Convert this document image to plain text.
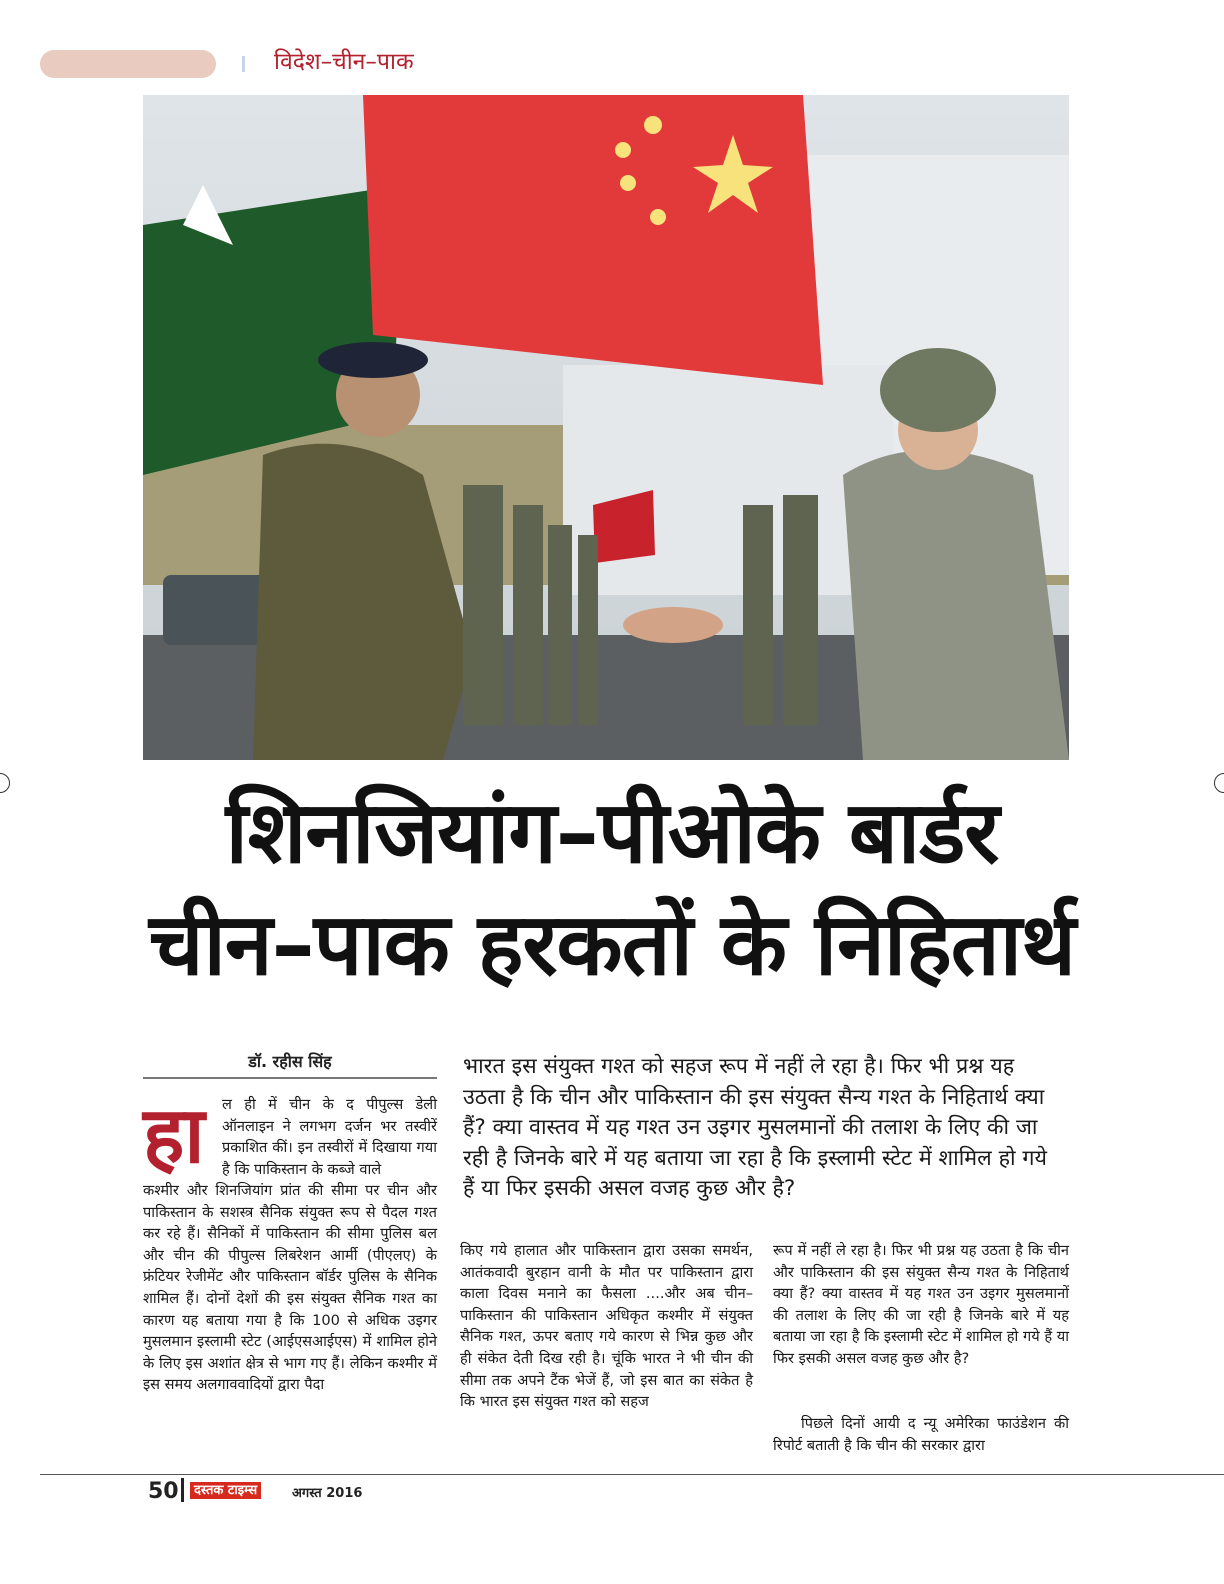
विदेश–चीन–पाक
शिनजियांग–पीओके बार्डर
चीन–पाक हरकतों के निहितार्थ
डॉ. रहीस सिंह
हा ल ही में चीन के द पीपुल्स डेली ऑनलाइन ने लगभग दर्जन भर तस्वीरें प्रकाशित कीं। इन तस्वीरों में दिखाया गया है कि पाकिस्तान के कब्जे वाले
कश्मीर और शिनजियांग प्रांत की सीमा पर चीन और पाकिस्तान के सशस्त्र सैनिक संयुक्त रूप से पैदल गश्त कर रहे हैं। सैनिकों में पाकिस्तान की सीमा पुलिस बल और चीन की पीपुल्स लिबरेशन आर्मी (पीएलए) के फ्रंटियर रेजीमेंट और पाकिस्तान बॉर्डर पुलिस के सैनिक शामिल हैं। दोनों देशों की इस संयुक्त सैनिक गश्त का कारण यह बताया गया है कि 100 से अधिक उइगर मुसलमान इस्लामी स्टेट (आईएसआईएस) में शामिल होने के लिए इस अशांत क्षेत्र से भाग गए हैं। लेकिन कश्मीर में इस समय अलगाववादियों द्वारा पैदा
भारत इस संयुक्त गश्त को सहज रूप में नहीं ले रहा है। फिर भी प्रश्न यह उठता है कि चीन और पाकिस्तान की इस संयुक्त सैन्य गश्त के निहितार्थ क्या हैं? क्या वास्तव में यह गश्त उन उइगर मुसलमानों की तलाश के लिए की जा रही है जिनके बारे में यह बताया जा रहा है कि इस्लामी स्टेट में शामिल हो गये हैं या फिर इसकी असल वजह कुछ और है?
किए गये हालात और पाकिस्तान द्वारा उसका समर्थन, आतंकवादी बुरहान वानी के मौत पर पाकिस्तान द्वारा काला दिवस मनाने का फैसला ....और अब चीन–पाकिस्तान की पाकिस्तान अधिकृत कश्मीर में संयुक्त सैनिक गश्त, ऊपर बताए गये कारण से भिन्न कुछ और ही संकेत देती दिख रही है। चूंकि भारत ने भी चीन की सीमा तक अपने टैंक भेजें हैं, जो इस बात का संकेत है कि भारत इस संयुक्त गश्त को सहज
रूप में नहीं ले रहा है। फिर भी प्रश्न यह उठता है कि चीन और पाकिस्तान की इस संयुक्त सैन्य गश्त के निहितार्थ क्या हैं? क्या वास्तव में यह गश्त उन उइगर मुसलमानों की तलाश के लिए की जा रही है जिनके बारे में यह बताया जा रहा है कि इस्लामी स्टेट में शामिल हो गये हैं या फिर इसकी असल वजह कुछ और है?
पिछले दिनों आयी द न्यू अमेरिका फाउंडेशन की रिपोर्ट बताती है कि चीन की सरकार द्वारा
50	दस्तक टाइम्स	अगस्त 2016
